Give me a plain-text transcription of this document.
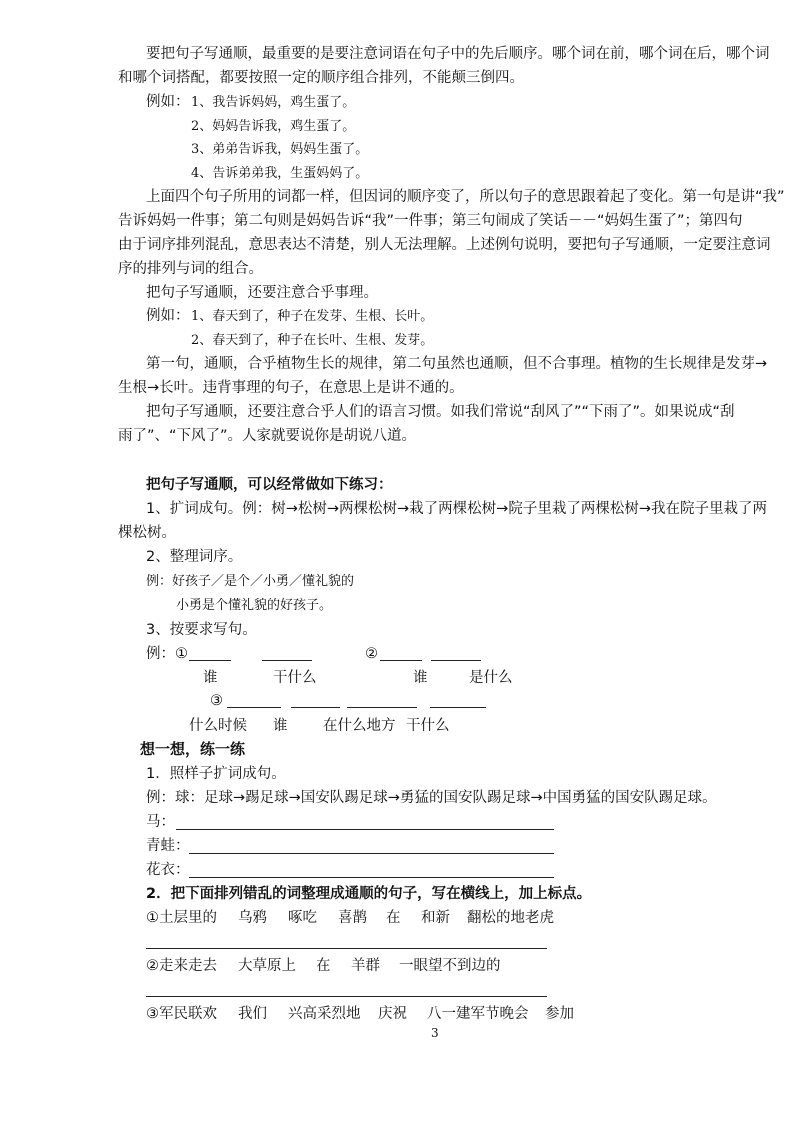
要把句子写通顺，最重要的是要注意词语在句子中的先后顺序。哪个词在前，哪个词在后，哪个词
和哪个词搭配，都要按照一定的顺序组合排列，不能颠三倒四。
例如： 1、我告诉妈妈，鸡生蛋了。
2、妈妈告诉我，鸡生蛋了。
3、弟弟告诉我，妈妈生蛋了。
4、告诉弟弟我，生蛋妈妈了。
上面四个句子所用的词都一样，但因词的顺序变了，所以句子的意思跟着起了变化。第一句是讲“我”
告诉妈妈一件事；第二句则是妈妈告诉“我”一件事；第三句闹成了笑话－－“妈妈生蛋了”；第四句
由于词序排列混乱，意思表达不清楚，别人无法理解。上述例句说明，要把句子写通顺，一定要注意词
序的排列与词的组合。
把句子写通顺，还要注意合乎事理。
例如： 1、春天到了，种子在发芽、生根、长叶。
2、春天到了，种子在长叶、生根、发芽。
第一句，通顺，合乎植物生长的规律，第二句虽然也通顺，但不合事理。植物的生长规律是发芽→
生根→长叶。违背事理的句子，在意思上是讲不通的。
把句子写通顺，还要注意合乎人们的语言习惯。如我们常说“刮风了”“下雨了”。如果说成“刮
雨了”、“下风了”。人家就要说你是胡说八道。
把句子写通顺，可以经常做如下练习：
1、扩词成句。例：树→松树→两棵松树→栽了两棵松树→院子里栽了两棵松树→我在院子里栽了两
棵松树。
2、整理词序。
例：好孩子／是个／小勇／懂礼貌的
小勇是个懂礼貌的好孩子。
3、按要求写句。
例：①	②
谁	干什么	谁	是什么
③
什么时候 谁 在什么地方 干什么
想一想，练一练
1．照样子扩词成句。
例：球：足球→踢足球→国安队踢足球→勇猛的国安队踢足球→中国勇猛的国安队踢足球。
马：
青蛙：
花衣：
2．把下面排列错乱的词整理成通顺的句子，写在横线上，加上标点。
①土层里的 乌鸦 啄吃 喜鹊 在 和新 翻松的地老虎
②走来走去 大草原上 在 羊群 一眼望不到边的
③军民联欢 我们 兴高采烈地 庆祝 八一建军节晚会 参加
3
